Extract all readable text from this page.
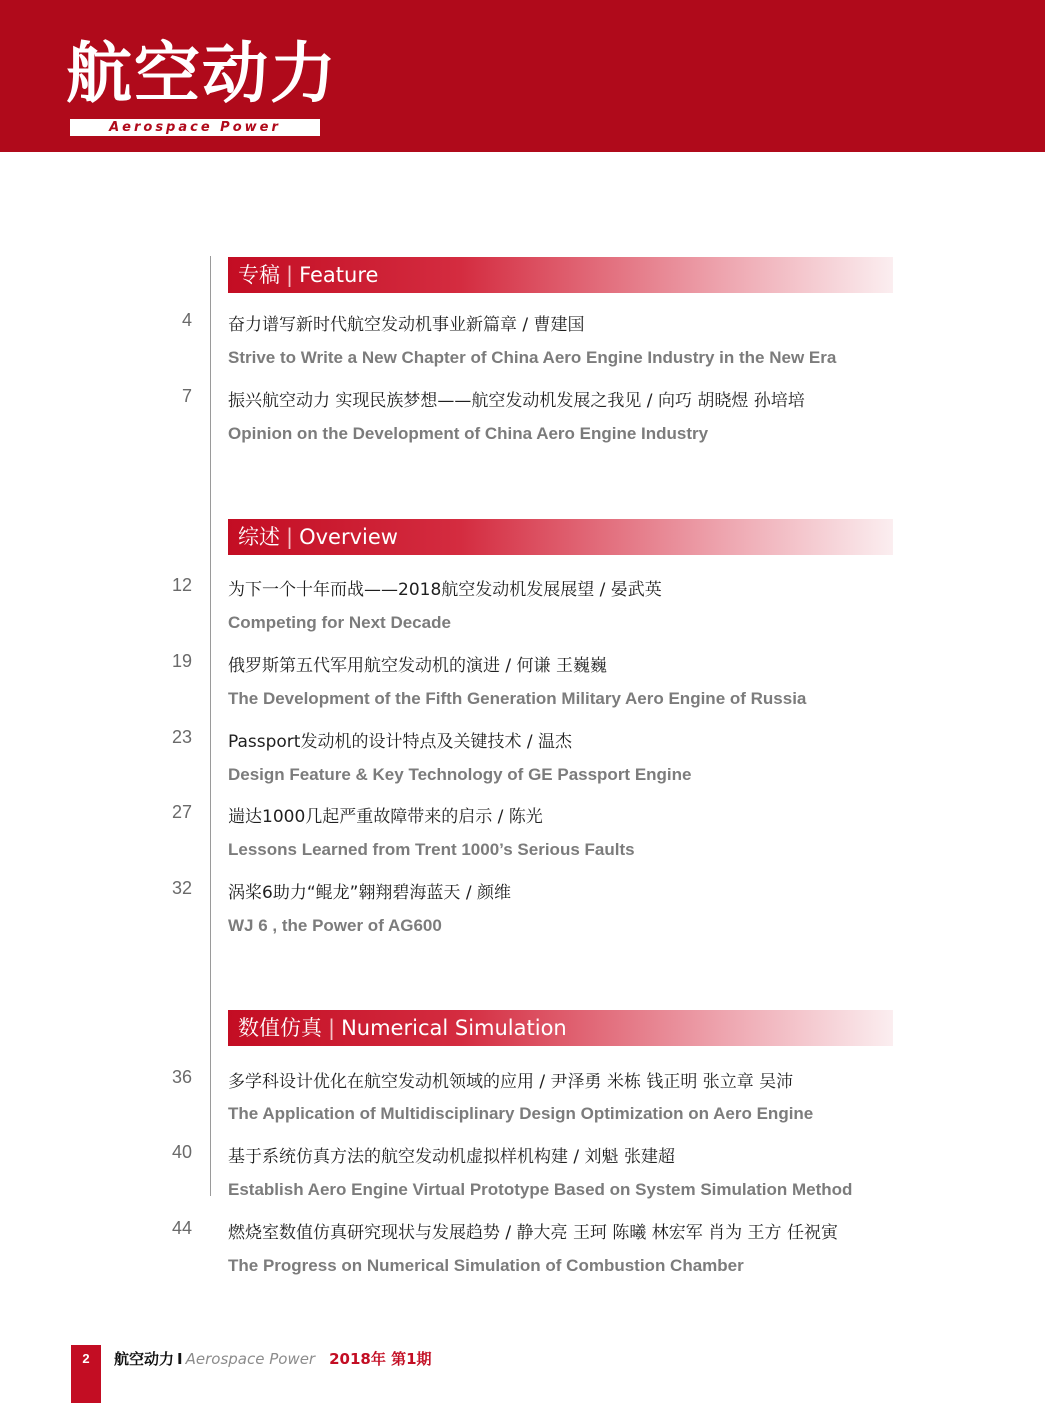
航空动力
Aerospace Power
专稿 | Feature
4 奋力谱写新时代航空发动机事业新篇章 / 曹建国
Strive to Write a New Chapter of China Aero Engine Industry in the New Era
7 振兴航空动力 实现民族梦想——航空发动机发展之我见 / 向巧 胡晓煜 孙培培
Opinion on the Development of China Aero Engine Industry
综述 | Overview
12 为下一个十年而战——2018航空发动机发展展望 / 晏武英
Competing for Next Decade
19 俄罗斯第五代军用航空发动机的演进 / 何谦 王巍巍
The Development of the Fifth Generation Military Aero Engine of Russia
23 Passport发动机的设计特点及关键技术 / 温杰
Design Feature & Key Technology of GE Passport Engine
27 遄达1000几起严重故障带来的启示 / 陈光
Lessons Learned from Trent 1000’s Serious Faults
32 涡桨6助力“鲲龙”翱翔碧海蓝天 / 颜维
WJ 6 , the Power of AG600
数值仿真 | Numerical Simulation
36 多学科设计优化在航空发动机领域的应用 / 尹泽勇 米栋 钱正明 张立章 吴沛
The Application of Multidisciplinary Design Optimization on Aero Engine
40 基于系统仿真方法的航空发动机虚拟样机构建 / 刘魁 张建超
Establish Aero Engine Virtual Prototype Based on System Simulation Method
44 燃烧室数值仿真研究现状与发展趋势 / 静大亮 王珂 陈曦 林宏军 肖为 王方 任祝寅
The Progress on Numerical Simulation of Combustion Chamber
2	航空动力 I Aerospace Power 2018年 第1期
